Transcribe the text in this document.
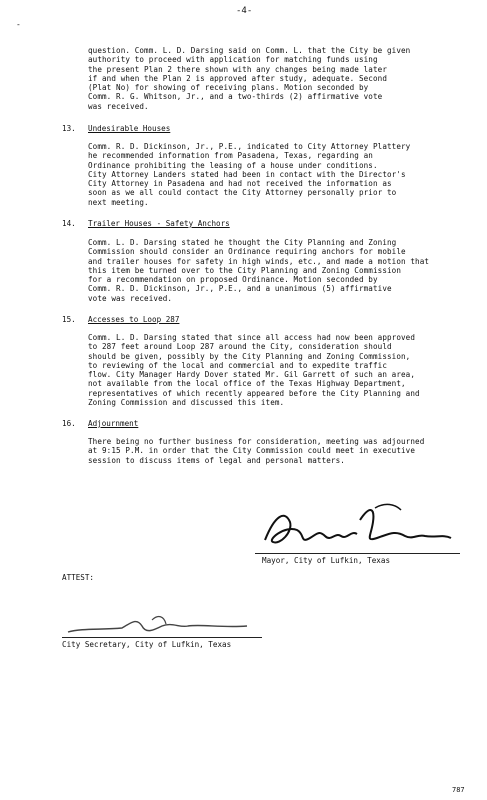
-4-
-
question. Comm. L. D. Darsing said on Comm. L. that the City be given
authority to proceed with application for matching funds using
the present Plan 2 there shown with any changes being made later
if and when the Plan 2 is approved after study, adequate. Second
(Plat No) for showing of receiving plans. Motion seconded by
Comm. R. G. Whitson, Jr., and a two-thirds (2) affirmative vote
was received.
13. Undesirable Houses
Comm. R. D. Dickinson, Jr., P.E., indicated to City Attorney Plattery
he recommended information from Pasadena, Texas, regarding an
Ordinance prohibiting the leasing of a house under conditions.
City Attorney Landers stated had been in contact with the Director's
City Attorney in Pasadena and had not received the information as
soon as we all could contact the City Attorney personally prior to
next meeting.
14. Trailer Houses - Safety Anchors
Comm. L. D. Darsing stated he thought the City Planning and Zoning
Commission should consider an Ordinance requiring anchors for mobile
and trailer houses for safety in high winds, etc., and made a motion that
this item be turned over to the City Planning and Zoning Commission
for a recommendation on proposed Ordinance. Motion seconded by
Comm. R. D. Dickinson, Jr., P.E., and a unanimous (5) affirmative
vote was received.
15. Accesses to Loop 287
Comm. L. D. Darsing stated that since all access had now been approved
to 287 feet around Loop 287 around the City, consideration should
should be given, possibly by the City Planning and Zoning Commission,
to reviewing of the local and commercial and to expedite traffic
flow. City Manager Hardy Dover stated Mr. Gil Garrett of such an area,
not available from the local office of the Texas Highway Department,
representatives of which recently appeared before the City Planning and
Zoning Commission and discussed this item.
16. Adjournment
There being no further business for consideration, meeting was adjourned
at 9:15 P.M. in order that the City Commission could meet in executive
session to discuss items of legal and personal matters.
Mayor, City of Lufkin, Texas
ATTEST:
City Secretary, City of Lufkin, Texas
787
